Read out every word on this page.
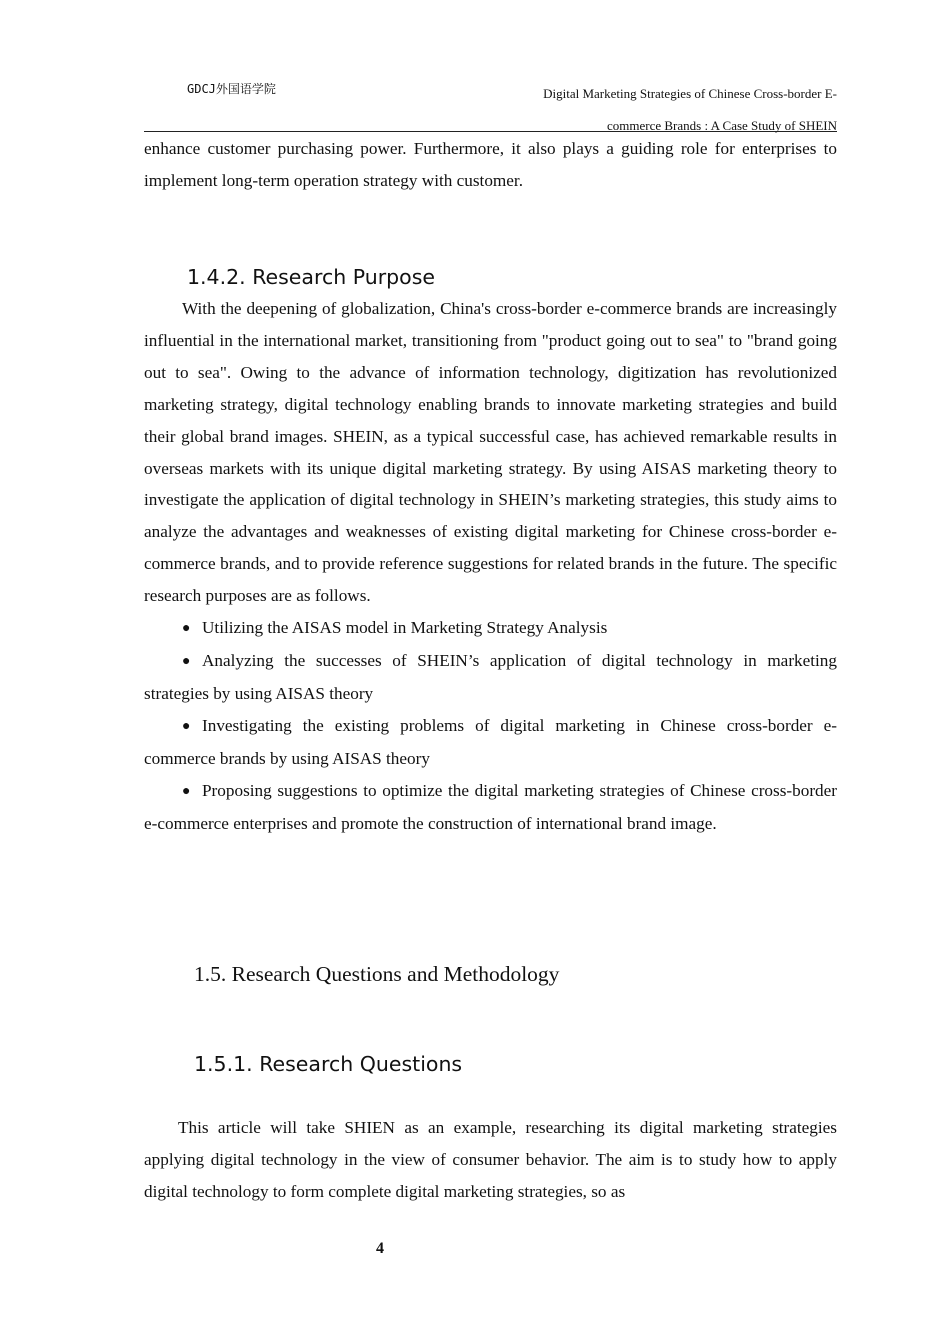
GDCJ外国语学院	Digital Marketing Strategies of Chinese Cross-border E-commerce Brands : A Case Study of SHEIN

enhance customer purchasing power. Furthermore, it also plays a guiding role for enterprises to implement long-term operation strategy with customer.

1.4.2. Research Purpose

With the deepening of globalization, China's cross-border e-commerce brands are increasingly influential in the international market, transitioning from "product going out to sea" to "brand going out to sea". Owing to the advance of information technology, digitization has revolutionized marketing strategy, digital technology enabling brands to innovate marketing strategies and build their global brand images. SHEIN, as a typical successful case, has achieved remarkable results in overseas markets with its unique digital marketing strategy. By using AISAS marketing theory to investigate the application of digital technology in SHEIN’s marketing strategies, this study aims to analyze the advantages and weaknesses of existing digital marketing for Chinese cross-border e-commerce brands, and to provide reference suggestions for related brands in the future. The specific research purposes are as follows.

● Utilizing the AISAS model in Marketing Strategy Analysis

● Analyzing the successes of SHEIN’s application of digital technology in marketing strategies by using AISAS theory

● Investigating the existing problems of digital marketing in Chinese cross-border e-commerce brands by using AISAS theory

● Proposing suggestions to optimize the digital marketing strategies of Chinese cross-border e-commerce enterprises and promote the construction of international brand image.

1.5. Research Questions and Methodology
1.5.1. Research Questions

This article will take SHIEN as an example, researching its digital marketing strategies applying digital technology in the view of consumer behavior. The aim is to study how to apply digital technology to form complete digital marketing strategies, so as

4
